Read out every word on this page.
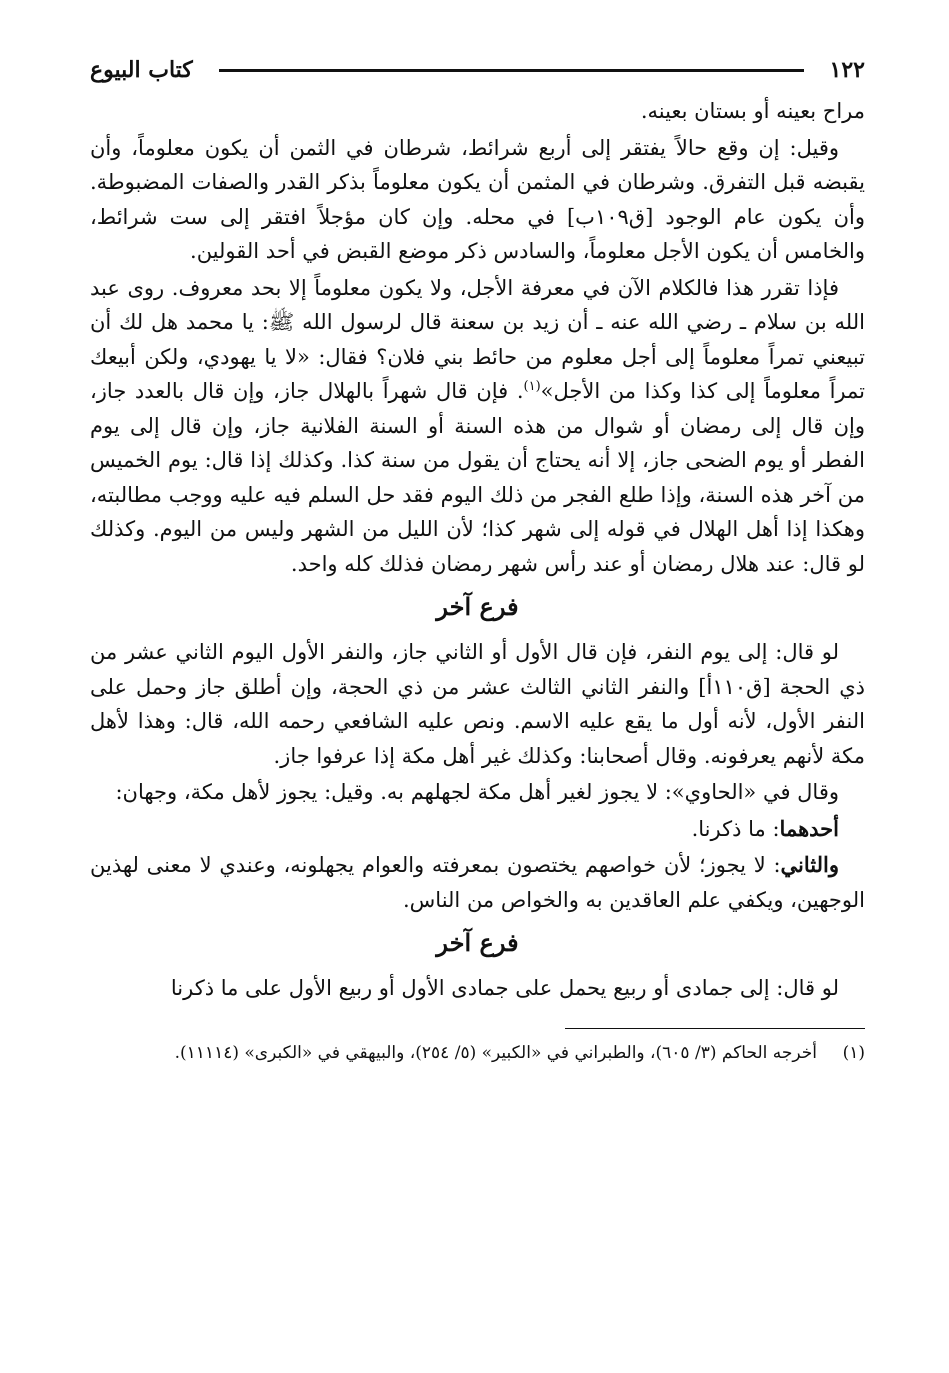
١٢٢
كتاب البيوع

مراح بعينه أو بستان بعينه.

وقيل: إن وقع حالاً يفتقر إلى أربع شرائط، شرطان في الثمن أن يكون معلوماً، وأن يقبضه قبل التفرق. وشرطان في المثمن أن يكون معلوماً بذكر القدر والصفات المضبوطة. وأن يكون عام الوجود [ق١٠٩ب] في محله. وإن كان مؤجلاً افتقر إلى ست شرائط، والخامس أن يكون الأجل معلوماً، والسادس ذكر موضع القبض في أحد القولين.

فإذا تقرر هذا فالكلام الآن في معرفة الأجل، ولا يكون معلوماً إلا بحد معروف. روى عبد الله بن سلام ـ رضي الله عنه ـ أن زيد بن سعنة قال لرسول الله ﷺ: يا محمد هل لك أن تبيعني تمراً معلوماً إلى أجل معلوم من حائط بني فلان؟ فقال: «لا يا يهودي، ولكن أبيعك تمراً معلوماً إلى كذا وكذا من الأجل»$^{(١)}$. فإن قال شهراً بالهلال جاز، وإن قال بالعدد جاز، وإن قال إلى رمضان أو شوال من هذه السنة أو السنة الفلانية جاز، وإن قال إلى يوم الفطر أو يوم الضحى جاز، إلا أنه يحتاج أن يقول من سنة كذا. وكذلك إذا قال: يوم الخميس من آخر هذه السنة، وإذا طلع الفجر من ذلك اليوم فقد حل السلم فيه عليه ووجب مطالبته، وهكذا إذا أهل الهلال في قوله إلى شهر كذا؛ لأن الليل من الشهر وليس من اليوم. وكذلك لو قال: عند هلال رمضان أو عند رأس شهر رمضان فذلك كله واحد.

فرع آخر

لو قال: إلى يوم النفر، فإن قال الأول أو الثاني جاز، والنفر الأول اليوم الثاني عشر من ذي الحجة [ق١١٠أ] والنفر الثاني الثالث عشر من ذي الحجة، وإن أطلق جاز وحمل على النفر الأول، لأنه أول ما يقع عليه الاسم. ونص عليه الشافعي رحمه الله، قال: وهذا لأهل مكة لأنهم يعرفونه. وقال أصحابنا: وكذلك غير أهل مكة إذا عرفوا جاز.

وقال في «الحاوي»: لا يجوز لغير أهل مكة لجهلهم به. وقيل: يجوز لأهل مكة، وجهان:

أحدهما: ما ذكرنا.

والثاني: لا يجوز؛ لأن خواصهم يختصون بمعرفته والعوام يجهلونه، وعندي لا معنى لهذين الوجهين، ويكفي علم العاقدين به والخواص من الناس.

فرع آخر

لو قال: إلى جمادى أو ربيع يحمل على جمادى الأول أو ربيع الأول على ما ذكرنا

(١)
أخرجه الحاكم (٣/ ٦٠٥)، والطبراني في «الكبير» (٥/ ٢٥٤)، والبيهقي في «الكبرى» (١١١١٤).
